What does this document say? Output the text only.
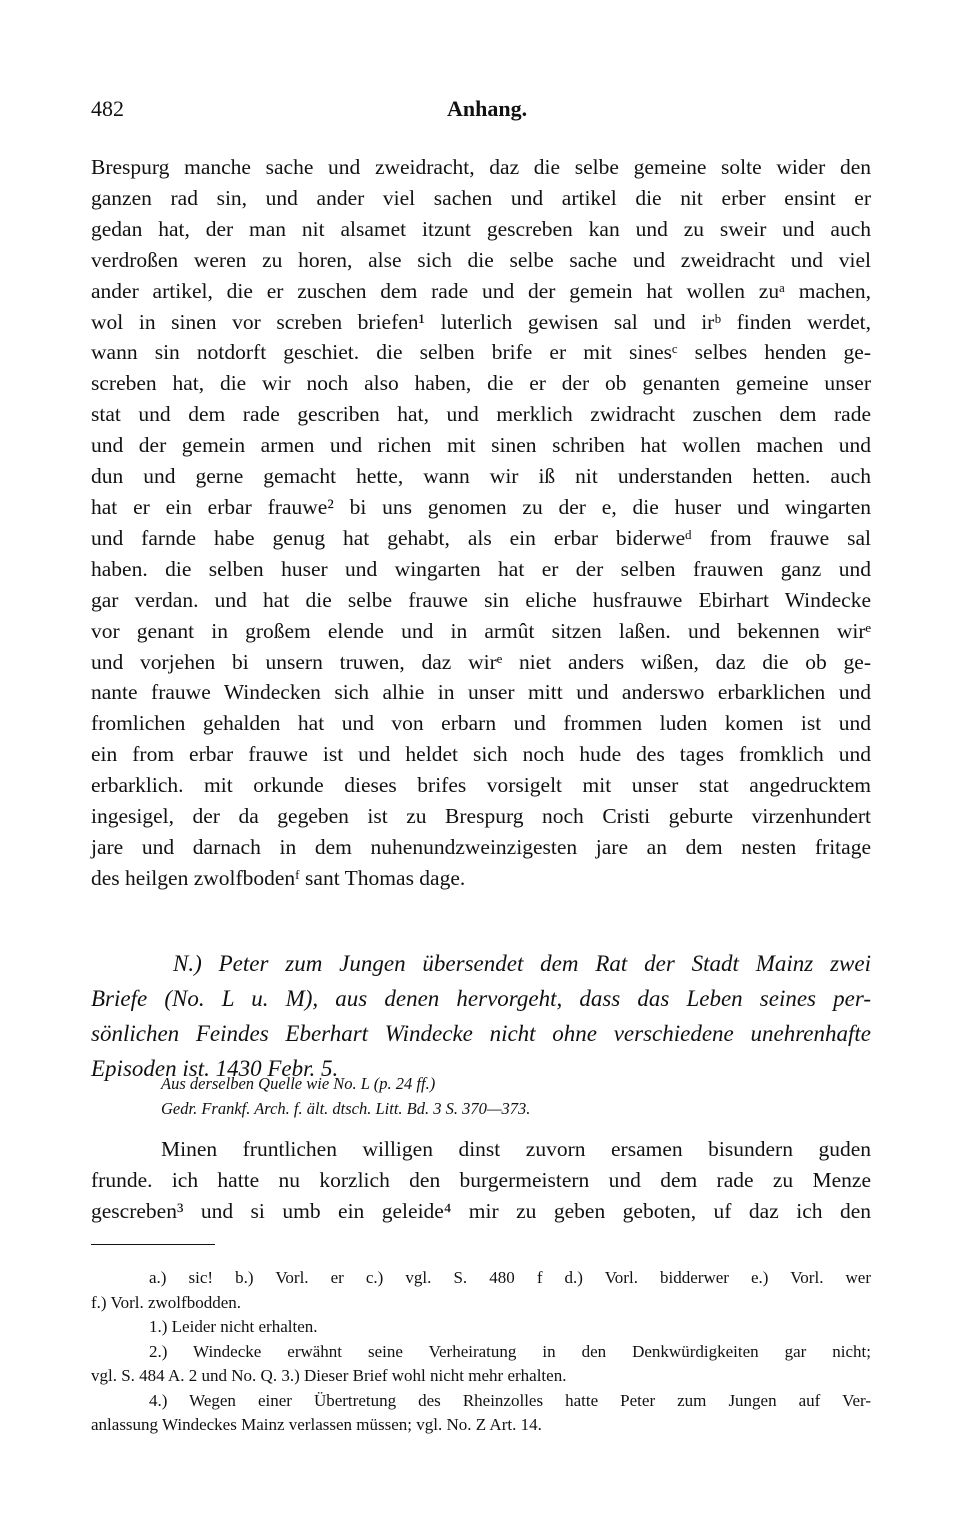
482	Anhang.
Brespurg manche sache und zweidracht, daz die selbe gemeine solte wider den
ganzen rad sin, und ander viel sachen und artikel die nit erber ensint er
gedan hat, der man nit alsamet itzunt gescreben kan und zu sweir und auch
verdroßen weren zu horen, alse sich die selbe sache und zweidracht und viel
ander artikel, die er zuschen dem rade und der gemein hat wollen zuᵃ machen,
wol in sinen vor screben briefen¹ luterlich gewisen sal und irᵇ finden werdet,
wann sin notdorft geschiet. die selben brife er mit sinesᶜ selbes henden ge-
screben hat, die wir noch also haben, die er der ob genanten gemeine unser
stat und dem rade gescriben hat, und merklich zwidracht zuschen dem rade
und der gemein armen und richen mit sinen schriben hat wollen machen und
dun und gerne gemacht hette, wann wir iß nit understanden hetten. auch
hat er ein erbar frauwe² bi uns genomen zu der e, die huser und wingarten
und farnde habe genug hat gehabt, als ein erbar biderweᵈ from frauwe sal
haben. die selben huser und wingarten hat er der selben frauwen ganz und
gar verdan. und hat die selbe frauwe sin eliche husfrauwe Ebirhart Windecke
vor genant in großem elende und in armût sitzen laßen. und bekennen wirᵉ
und vorjehen bi unsern truwen, daz wirᵉ niet anders wißen, daz die ob ge-
nante frauwe Windecken sich alhie in unser mitt und anderswo erbarklichen und
fromlichen gehalden hat und von erbarn und frommen luden komen ist und
ein from erbar frauwe ist und heldet sich noch hude des tages fromklich und
erbarklich. mit orkunde dieses brifes vorsigelt mit unser stat angedrucktem
ingesigel, der da gegeben ist zu Brespurg noch Cristi geburte virzenhundert
jare und darnach in dem nuhenundzweinzigesten jare an dem nesten fritage
des heilgen zwolfbodenᶠ sant Thomas dage.
N.) Peter zum Jungen übersendet dem Rat der Stadt Mainz zwei
Briefe (No. L u. M), aus denen hervorgeht, dass das Leben seines per-
sönlichen Feindes Eberhart Windecke nicht ohne verschiedene unehrenhafte
Episoden ist. 1430 Febr. 5.
Aus derselben Quelle wie No. L (p. 24 ff.)
Gedr. Frankf. Arch. f. ält. dtsch. Litt. Bd. 3 S. 370—373.
Minen fruntlichen willigen dinst zuvorn ersamen bisundern guden
frunde. ich hatte nu korzlich den burgermeistern und dem rade zu Menze
gescreben³ und si umb ein geleide⁴ mir zu geben geboten, uf daz ich den
a.) sic! b.) Vorl. er c.) vgl. S. 480 f d.) Vorl. bidderwer e.) Vorl. wer
f.) Vorl. zwolfbodden.
1.) Leider nicht erhalten.
2.) Windecke erwähnt seine Verheiratung in den Denkwürdigkeiten gar nicht;
vgl. S. 484 A. 2 und No. Q. 3.) Dieser Brief wohl nicht mehr erhalten.
4.) Wegen einer Übertretung des Rheinzolles hatte Peter zum Jungen auf Ver-
anlassung Windeckes Mainz verlassen müssen; vgl. No. Z Art. 14.
